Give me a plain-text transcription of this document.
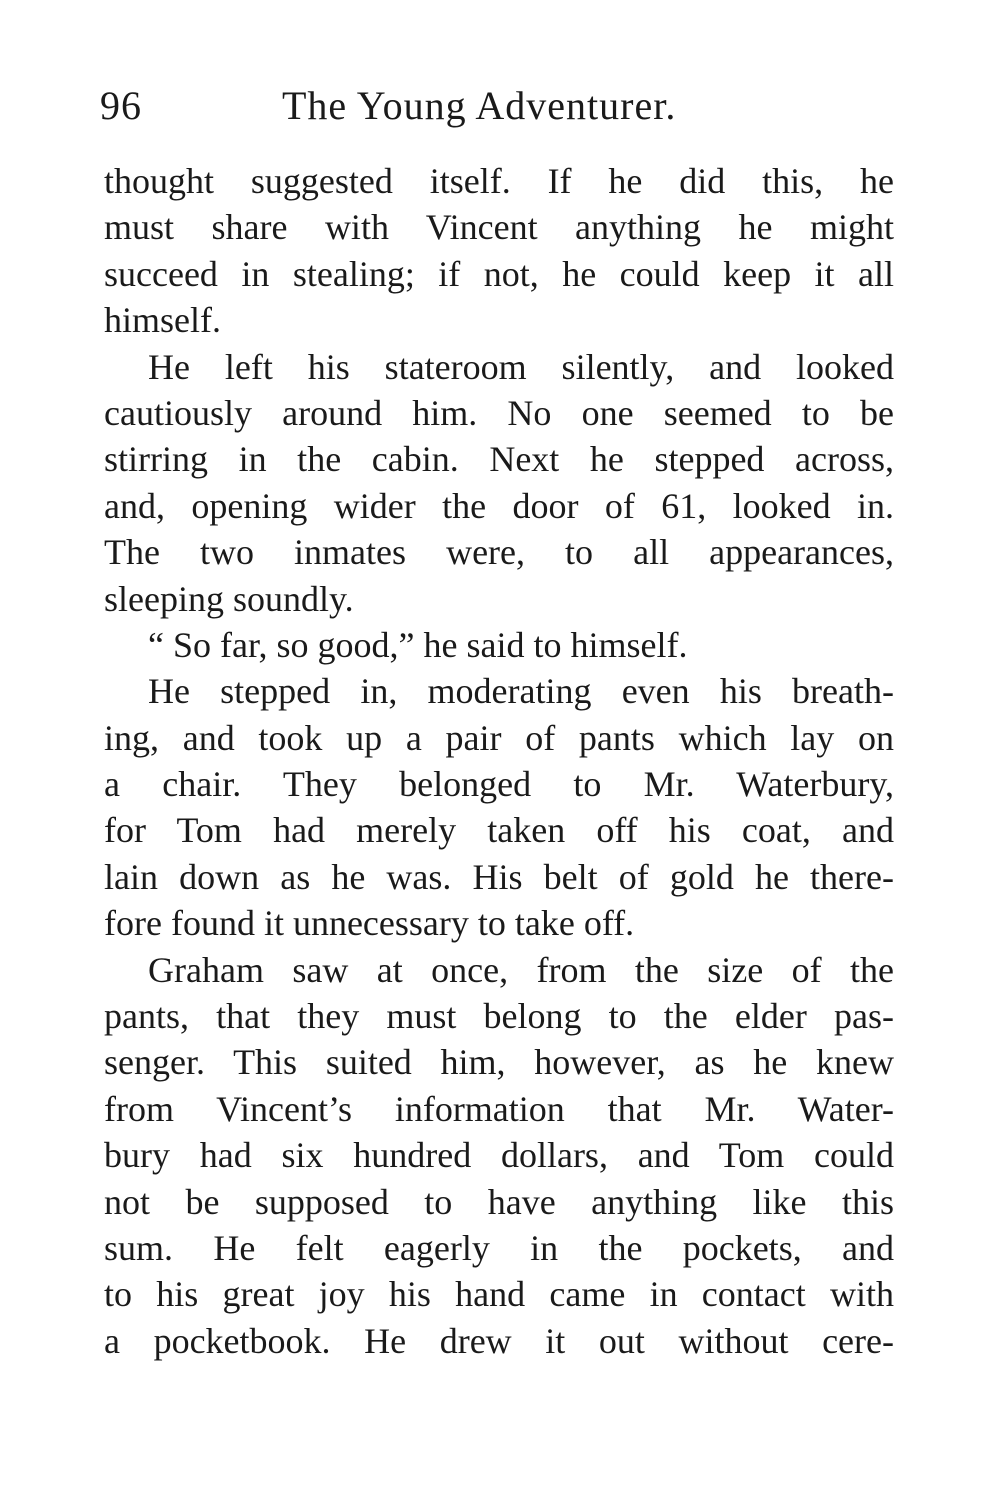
96	The Young Adventurer.
thought suggested itself. If he did this, he
must share with Vincent anything he might
succeed in stealing; if not, he could keep it all
himself.
He left his stateroom silently, and looked
cautiously around him. No one seemed to be
stirring in the cabin. Next he stepped across,
and, opening wider the door of 61, looked in.
The two inmates were, to all appearances,
sleeping soundly.
“ So far, so good,” he said to himself.
He stepped in, moderating even his breath-
ing, and took up a pair of pants which lay on
a chair. They belonged to Mr. Waterbury,
for Tom had merely taken off his coat, and
lain down as he was. His belt of gold he there-
fore found it unnecessary to take off.
Graham saw at once, from the size of the
pants, that they must belong to the elder pas-
senger. This suited him, however, as he knew
from Vincent’s information that Mr. Water-
bury had six hundred dollars, and Tom could
not be supposed to have anything like this
sum. He felt eagerly in the pockets, and
to his great joy his hand came in contact with
a pocketbook. He drew it out without cere-
